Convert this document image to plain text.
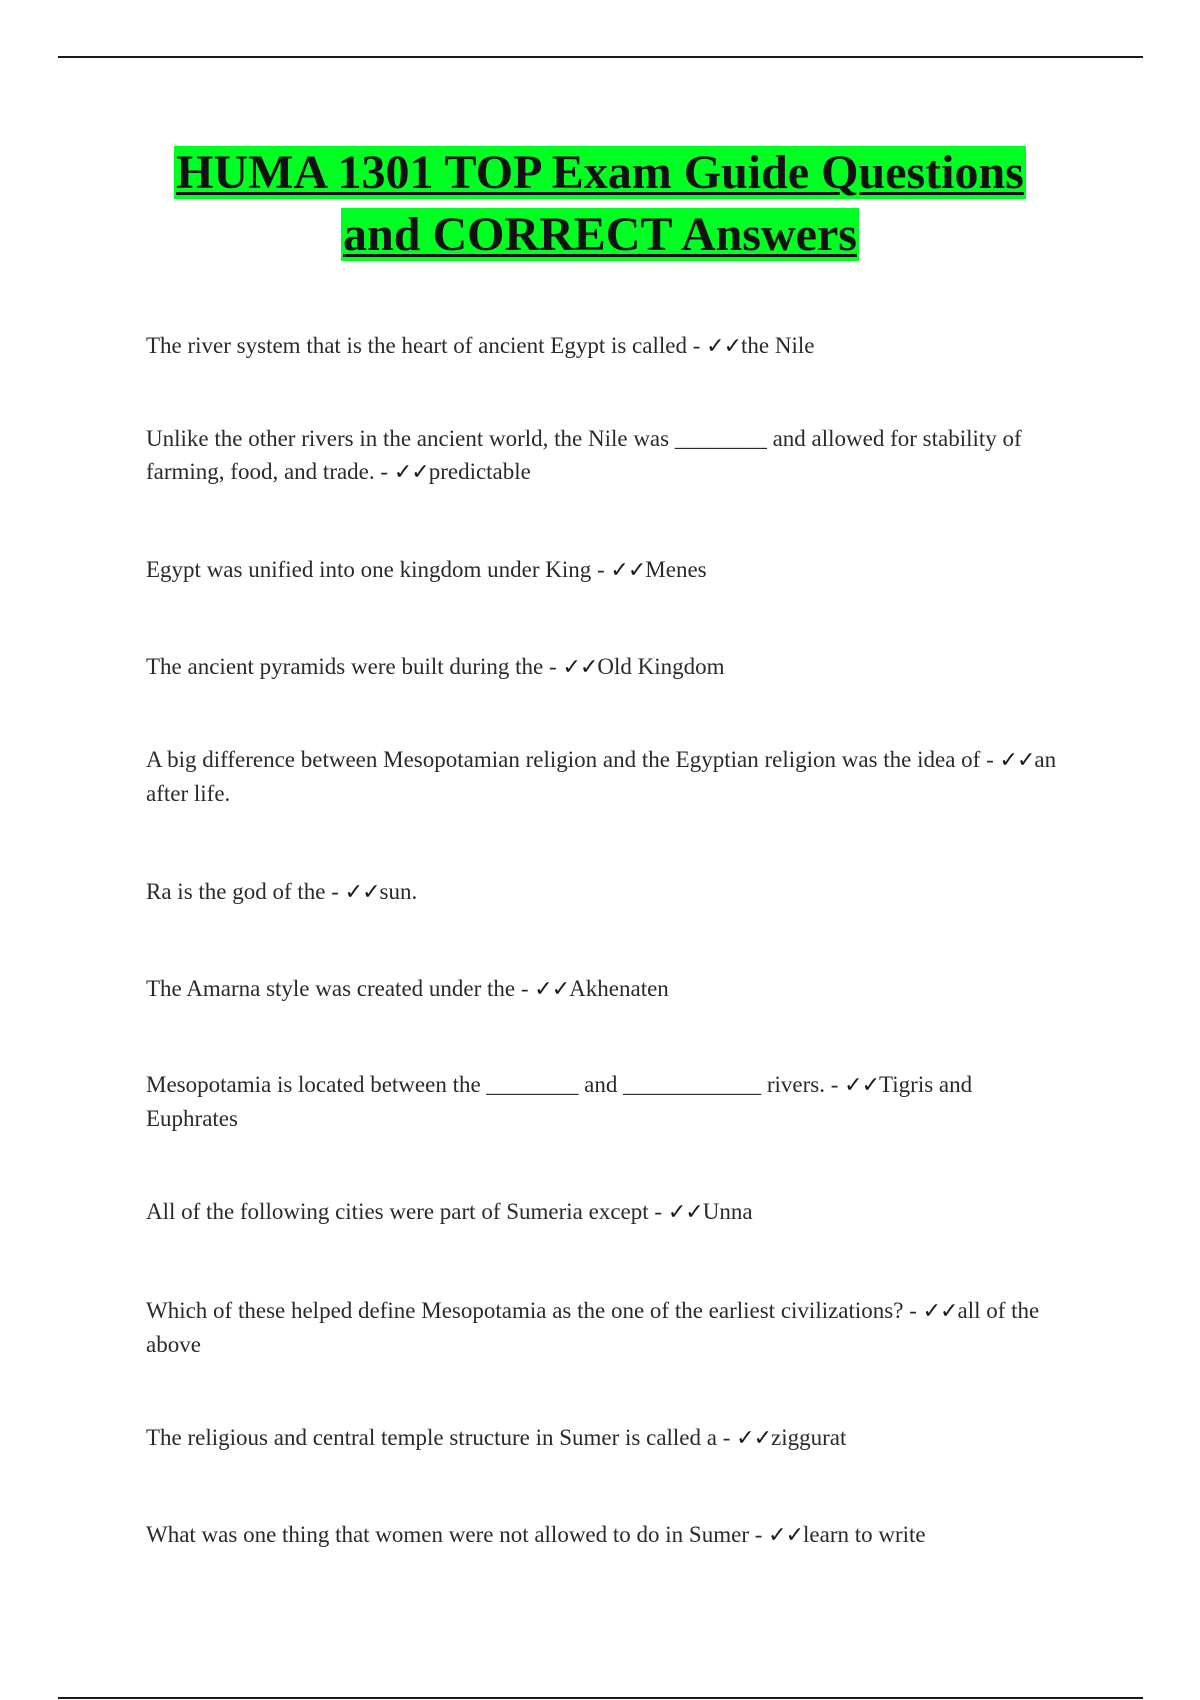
HUMA 1301 TOP Exam Guide Questions
and CORRECT Answers
The river system that is the heart of ancient Egypt is called - ✓✓the Nile
Unlike the other rivers in the ancient world, the Nile was ________ and allowed for stability of farming, food, and trade. - ✓✓predictable
Egypt was unified into one kingdom under King - ✓✓Menes
The ancient pyramids were built during the - ✓✓Old Kingdom
A big difference between Mesopotamian religion and the Egyptian religion was the idea of - ✓✓an after life.
Ra is the god of the - ✓✓sun.
The Amarna style was created under the - ✓✓Akhenaten
Mesopotamia is located between the ________ and ____________ rivers. - ✓✓Tigris and Euphrates
All of the following cities were part of Sumeria except - ✓✓Unna
Which of these helped define Mesopotamia as the one of the earliest civilizations? - ✓✓all of the above
The religious and central temple structure in Sumer is called a - ✓✓ziggurat
What was one thing that women were not allowed to do in Sumer - ✓✓learn to write
